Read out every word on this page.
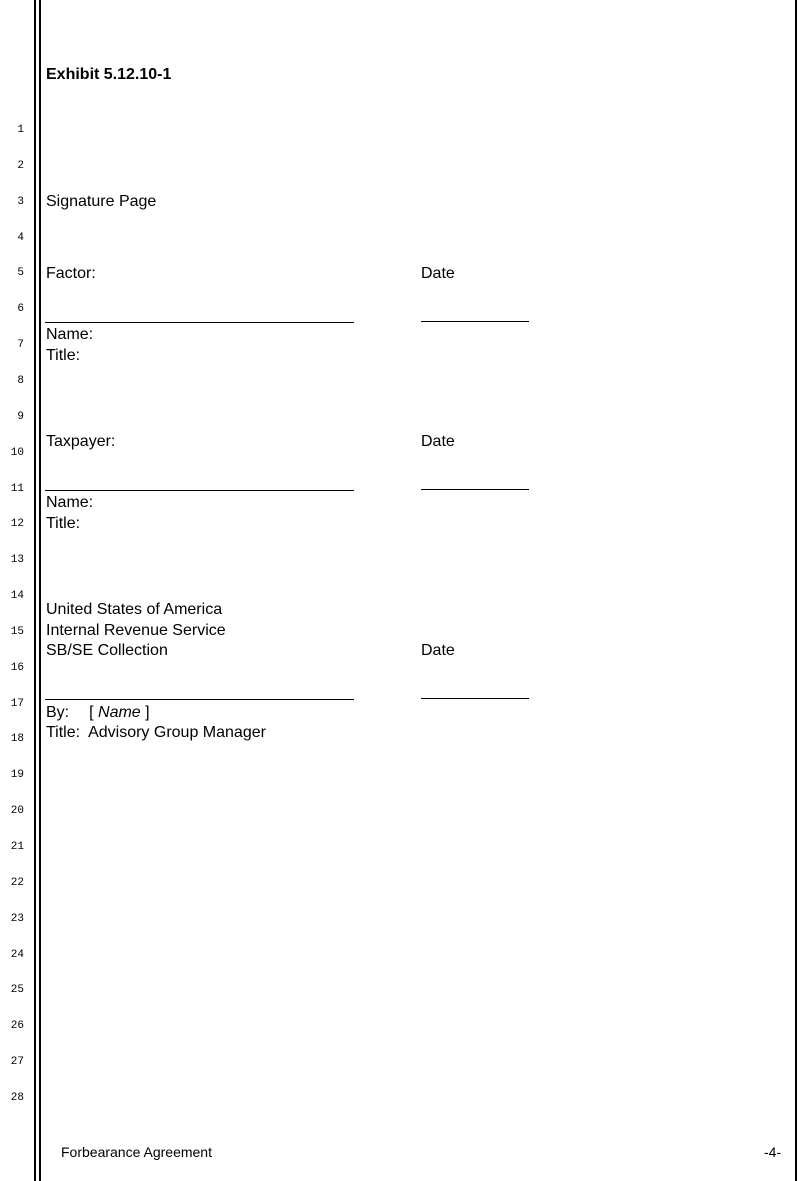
1
2
3
4
5
6
7
8
9
10
11
12
13
14
15
16
17
18
19
20
21
22
23
24
25
26
27
28
Exhibit 5.12.10-1
Signature Page
Factor:	Date
Name:
Title:
Taxpayer:	Date
Name:
Title:
United States of America
Internal Revenue Service
SB/SE Collection	Date
By: [ Name ]
Title: Advisory Group Manager
Forbearance Agreement	-4-
